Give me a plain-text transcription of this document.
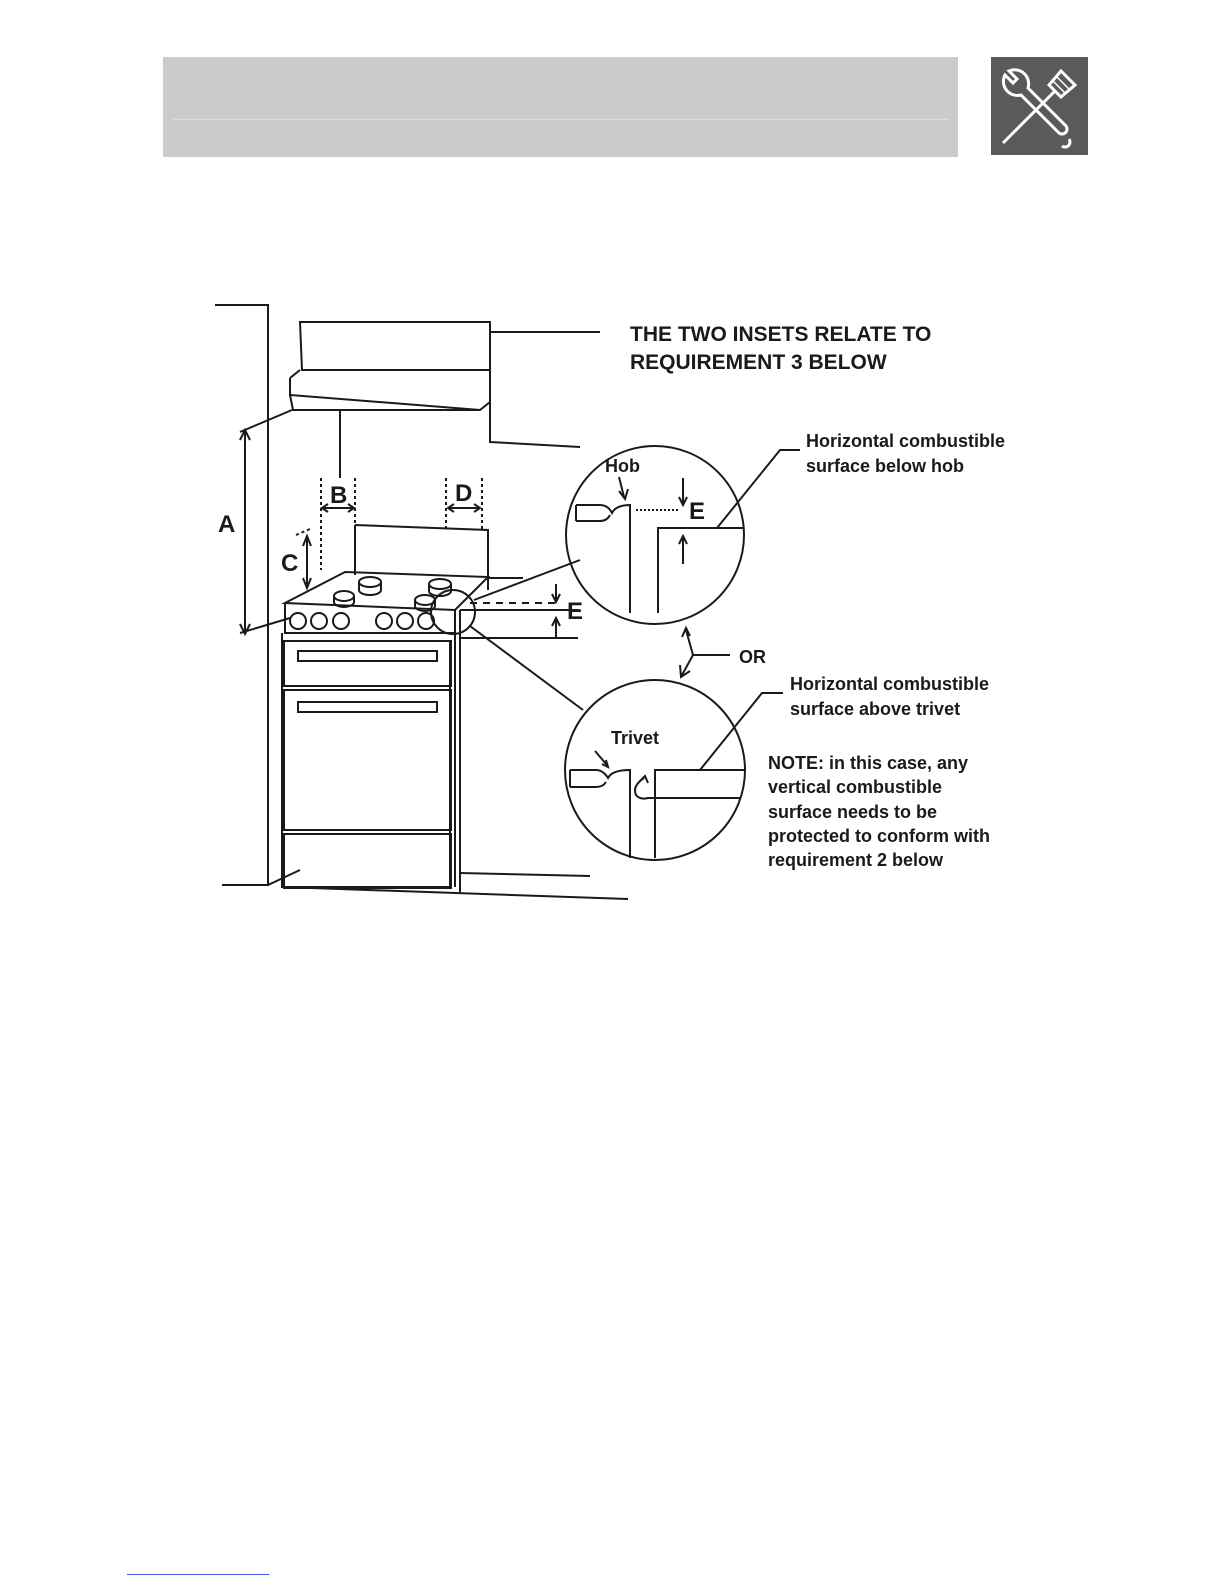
THE TWO INSETS RELATE TO
REQUIREMENT 3 BELOW
A
B
C
D
E
E
Horizontal combustible
surface below hob
Hob
OR
Horizontal combustible
surface above trivet
Trivet
NOTE: in this case, any
vertical combustible
surface needs to be
protected to conform with
requirement 2 below
